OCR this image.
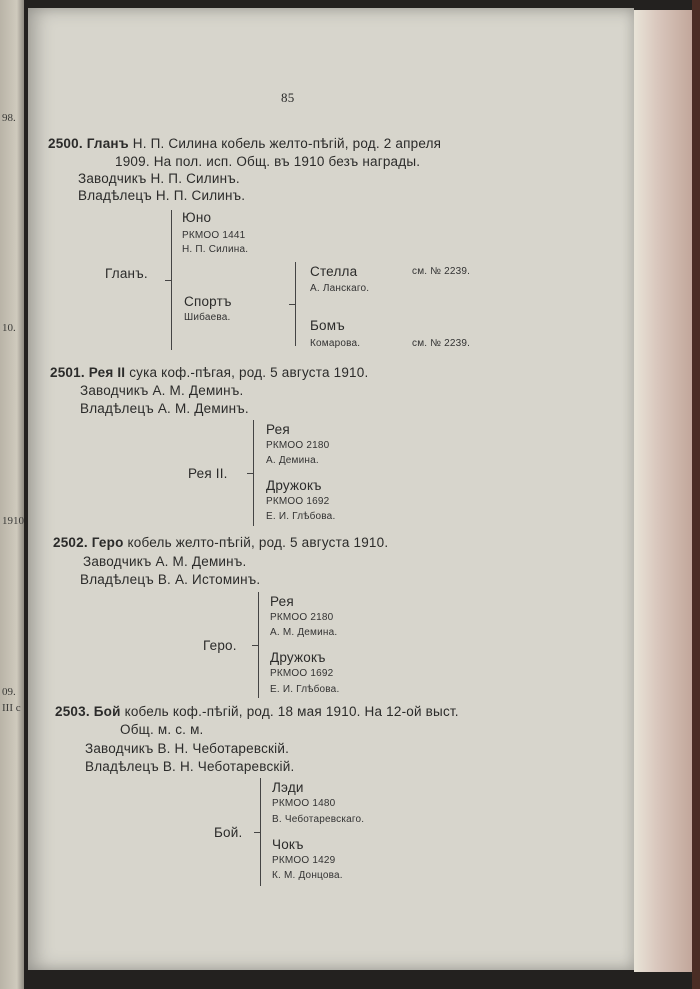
98.
10.
1910
09.
III c
85
2500. Гланъ Н. П. Силина кобель желто-пѣгій, род. 2 апреля
1909. На пол. исп. Общ. въ 1910 безъ награды.
Заводчикъ Н. П. Силинъ.
Владѣлецъ Н. П. Силинъ.
Гланъ.
Юно
РКМОО 1441
Н. П. Силина.
Спортъ
Шибаева.
Стелла	см. № 2239.
А. Ланскаго.
Бомъ
Комарова.	см. № 2239.
2501. Рея II сука коф.-пѣгая, род. 5 августа 1910.
Заводчикъ А. М. Деминъ.
Владѣлецъ А. М. Деминъ.
Рея II.
Рея
РКМОО 2180
А. Демина.
Дружокъ
РКМОО 1692
Е. И. Глѣбова.
2502. Геро кобель желто-пѣгій, род. 5 августа 1910.
Заводчикъ А. М. Деминъ.
Владѣлецъ В. А. Истоминъ.
Геро.
Рея
РКМОО 2180
А. М. Демина.
Дружокъ
РКМОО 1692
Е. И. Глѣбова.
2503. Бой кобель коф.-пѣгій, род. 18 мая 1910. На 12-ой выст.
Общ. м. с. м.
Заводчикъ В. Н. Чеботаревскій.
Владѣлецъ В. Н. Чеботаревскій.
Бой.
Лэди
РКМОО 1480
В. Чеботаревскаго.
Чокъ
РКМОО 1429
К. М. Донцова.
